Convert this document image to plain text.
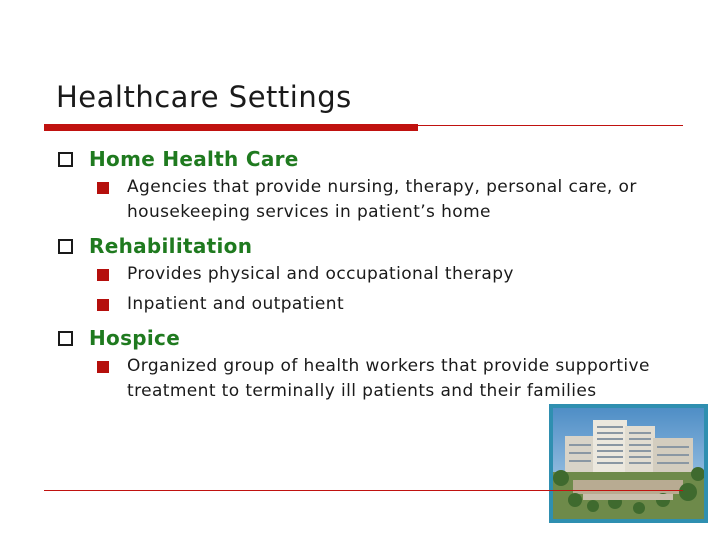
Healthcare Settings
Home Health Care
Agencies that provide nursing, therapy, personal care, or housekeeping services in patient’s home
Rehabilitation
Provides physical and occupational therapy
Inpatient and outpatient
Hospice
Organized group of health workers that provide supportive treatment to terminally ill patients and their families
